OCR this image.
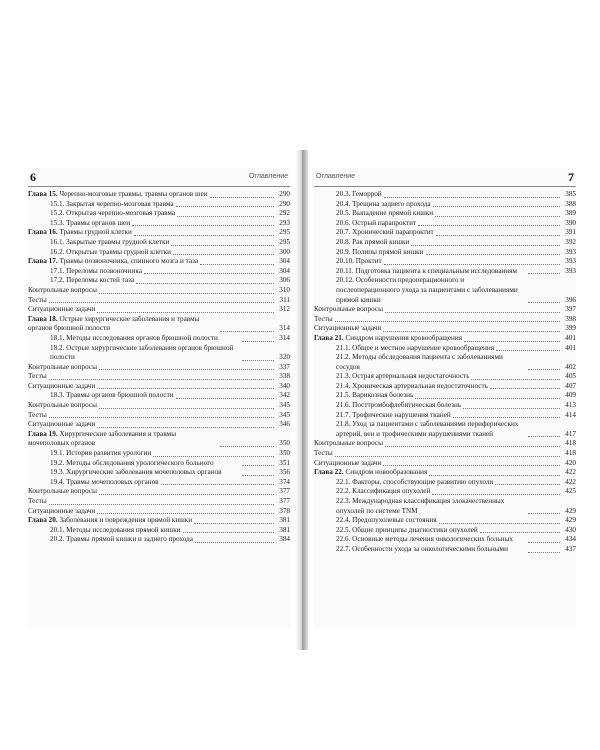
6	Оглавление
Глава 15. Черепно-мозговые травмы, травмы органов шеи	290
15.1. Закрытая черепно-мозговая травма	290
15.2. Открытая черепно-мозговая травма	292
15.3. Травмы органов шеи	293
Глава 16. Травмы грудной клетки	295
16.1. Закрытые травмы грудной клетки	295
16.2. Открытые травмы грудной клетки	300
Глава 17. Травмы позвоночника, спинного мозга и таза	304
17.1. Переломы позвоночника	304
17.2. Переломы костей таза	306
Контрольные вопросы	310
Тесты	311
Ситуационные задачи	312
Глава 18. Острые хирургические заболевания и травмы органов брюшной полости	314
18.1. Методы исследования органов брюшной полости	314
18.2. Острые хирургические заболевания органов брюшной полости	320
Контрольные вопросы	337
Тесты	338
Ситуационные задачи	340
18.3. Травмы органов брюшной полости	342
Контрольные вопросы	345
Тесты	345
Ситуационные задачи	346
Глава 19. Хирургические заболевания и травмы мочеполовых органов	350
19.1. История развития урологии	350
19.2. Методы обследования урологического больного	351
19.3. Хирургические заболевания мочеполовых органов	356
19.4. Травмы мочеполовых органов	374
Контрольные вопросы	377
Тесты	377
Ситуационные задачи	378
Глава 20. Заболевания и повреждения прямой кишки	381
20.1. Методы исследования прямой кишки	381
20.2. Травмы прямой кишки и заднего прохода	384
Оглавление	7
20.3. Геморрой	385
20.4. Трещина заднего прохода	388
20.5. Выпадение прямой кишки	389
20.6. Острый парапроктит	390
20.7. Хронический парапроктит	391
20.8. Рак прямой кишки	392
20.9. Полипы прямой кишки	393
20.10. Проктит	393
20.11. Подготовка пациента к специальным исследованиям	393
20.12. Особенности предоперационного и послеоперационного ухода за пациентами с заболеваниями прямой кишки	396
Контрольные вопросы	397
Тесты	398
Ситуационные задачи	399
Глава 21. Синдром нарушения кровообращения	401
21.1. Общее и местное нарушение кровообращения	401
21.2. Методы обследования пациента с заболеваниями сосудов	402
21.3. Острая артериальная недостаточность	405
21.4. Хроническая артериальная недостаточность	407
21.5. Варикозная болезнь	409
21.6. Посттромбофлебитическая болезнь	413
21.7. Трофические нарушения тканей	414
21.8. Уход за пациентами с заболеваниями периферических артерий, вен и трофическими нарушениями тканей	417
Контрольные вопросы	418
Тесты	418
Ситуационные задачи	420
Глава 22. Синдром новообразования	422
22.1. Факторы, способствующие развитию опухоли	422
22.2. Классификация опухолей	425
22.3. Международная классификация злокачественных опухолей по системе TNM	429
22.4. Предопухолевые состояния	429
22.5. Общие принципы диагностики опухолей	430
22.6. Основные методы лечения онкологических больных	434
22.7. Особенности ухода за онкологическими больными	437
